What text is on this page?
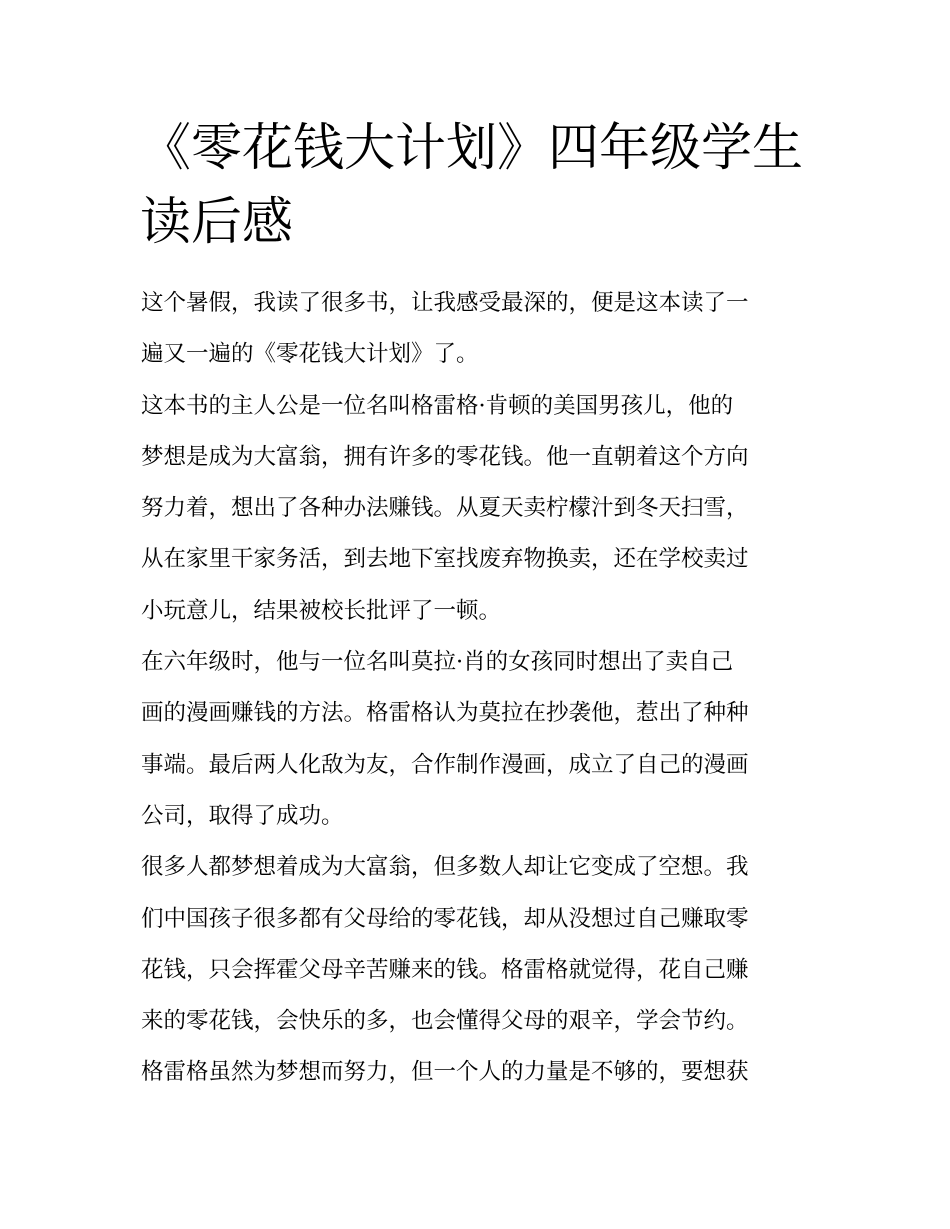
《零花钱大计划》四年级学生
读后感
这个暑假，我读了很多书，让我感受最深的，便是这本读了一
遍又一遍的《零花钱大计划》了。
这本书的主人公是一位名叫格雷格·肯顿的美国男孩儿，他的
梦想是成为大富翁，拥有许多的零花钱。他一直朝着这个方向
努力着，想出了各种办法赚钱。从夏天卖柠檬汁到冬天扫雪，
从在家里干家务活，到去地下室找废弃物换卖，还在学校卖过
小玩意儿，结果被校长批评了一顿。
在六年级时，他与一位名叫莫拉·肖的女孩同时想出了卖自己
画的漫画赚钱的方法。格雷格认为莫拉在抄袭他，惹出了种种
事端。最后两人化敌为友，合作制作漫画，成立了自己的漫画
公司，取得了成功。
很多人都梦想着成为大富翁，但多数人却让它变成了空想。我
们中国孩子很多都有父母给的零花钱，却从没想过自己赚取零
花钱，只会挥霍父母辛苦赚来的钱。格雷格就觉得，花自己赚
来的零花钱，会快乐的多，也会懂得父母的艰辛，学会节约。
格雷格虽然为梦想而努力，但一个人的力量是不够的，要想获
